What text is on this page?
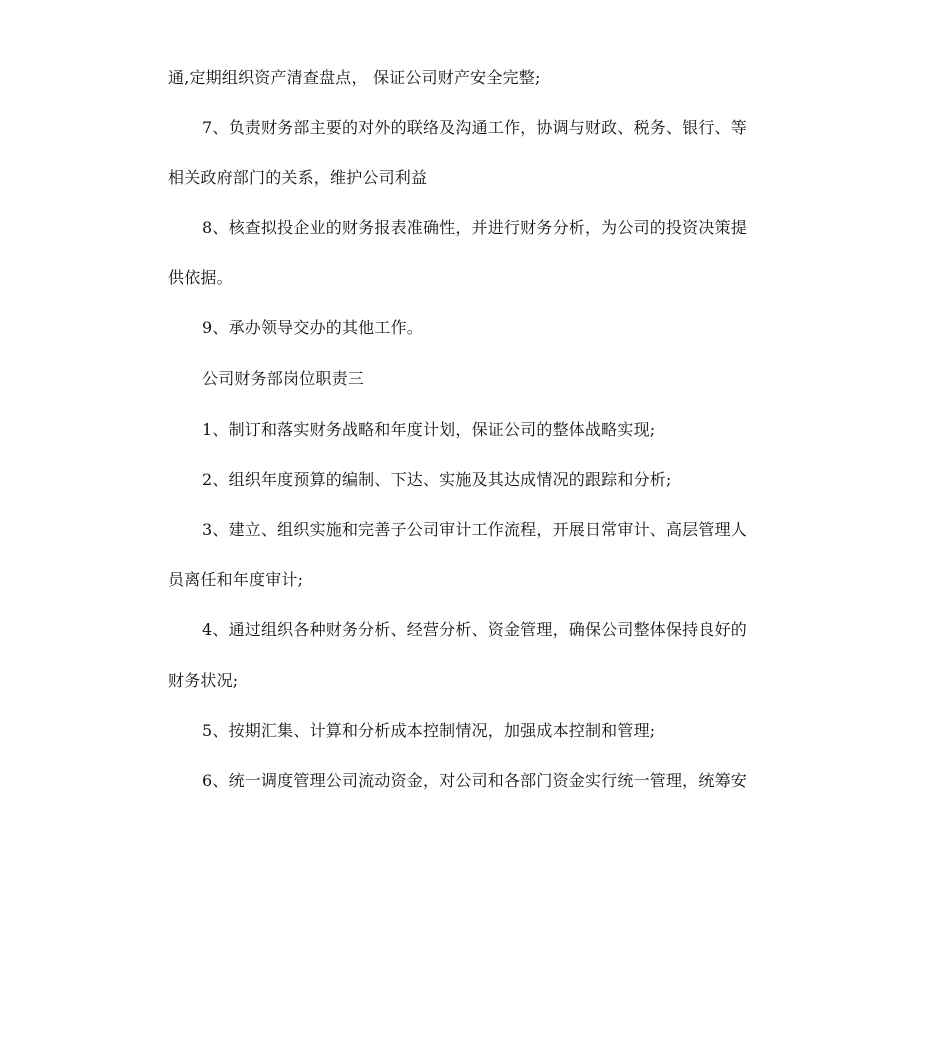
通,定期组织资产清查盘点， 保证公司财产安全完整;
7、负责财务部主要的对外的联络及沟通工作，协调与财政、税务、银行、等
相关政府部门的关系，维护公司利益
8、核查拟投企业的财务报表准确性，并进行财务分析，为公司的投资决策提
供依据。
9、承办领导交办的其他工作。
公司财务部岗位职责三
1、制订和落实财务战略和年度计划，保证公司的整体战略实现;
2、组织年度预算的编制、下达、实施及其达成情况的跟踪和分析;
3、建立、组织实施和完善子公司审计工作流程，开展日常审计、高层管理人
员离任和年度审计;
4、通过组织各种财务分析、经营分析、资金管理，确保公司整体保持良好的
财务状况;
5、按期汇集、计算和分析成本控制情况，加强成本控制和管理;
6、统一调度管理公司流动资金，对公司和各部门资金实行统一管理，统筹安
